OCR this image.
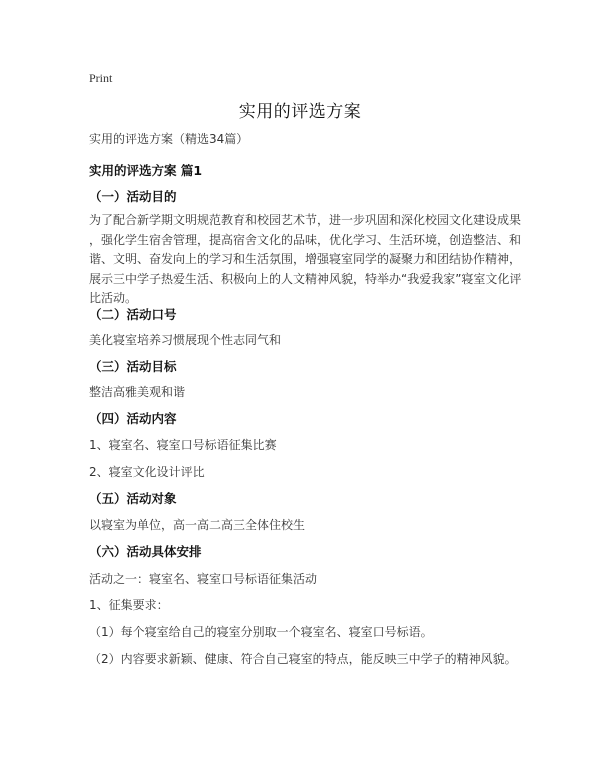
Print
实用的评选方案
实用的评选方案（精选34篇）
实用的评选方案 篇1
（一）活动目的
为了配合新学期文明规范教育和校园艺术节，进一步巩固和深化校园文化建设成果
，强化学生宿舍管理，提高宿舍文化的品味，优化学习、生活环境，创造整洁、和
谐、文明、奋发向上的学习和生活氛围，增强寝室同学的凝聚力和团结协作精神，
展示三中学子热爱生活、积极向上的人文精神风貌，特举办“我爱我家”寝室文化评
比活动。
（二）活动口号
美化寝室培养习惯展现个性志同气和
（三）活动目标
整洁高雅美观和谐
（四）活动内容
1、寝室名、寝室口号标语征集比赛
2、寝室文化设计评比
（五）活动对象
以寝室为单位，高一高二高三全体住校生
（六）活动具体安排
活动之一：寝室名、寝室口号标语征集活动
1、征集要求：
（1）每个寝室给自己的寝室分别取一个寝室名、寝室口号标语。
（2）内容要求新颖、健康、符合自己寝室的特点，能反映三中学子的精神风貌。
